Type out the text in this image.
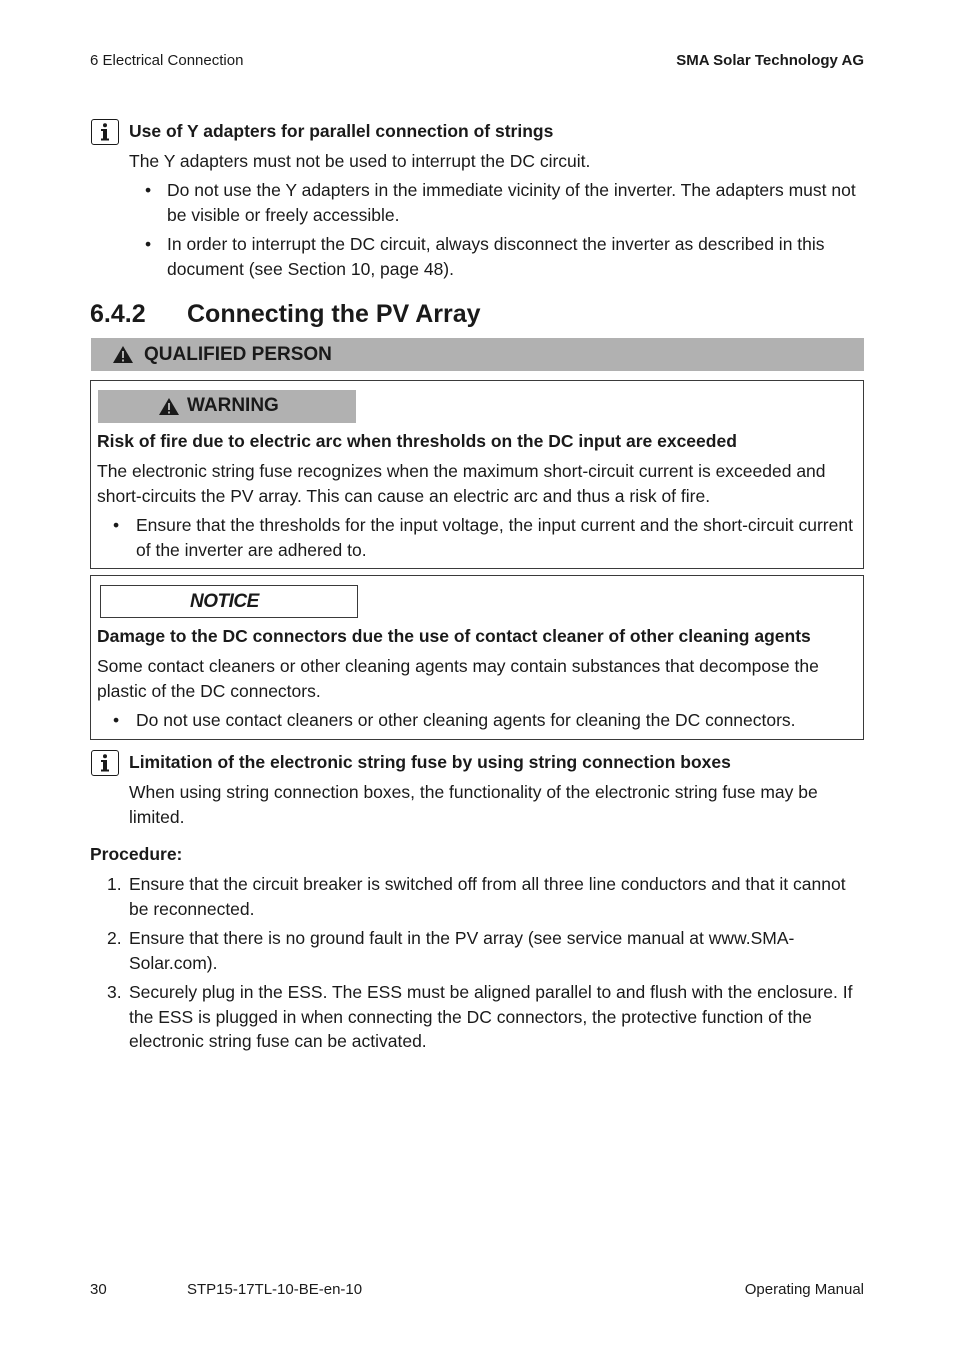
6 Electrical Connection	SMA Solar Technology AG
Use of Y adapters for parallel connection of strings
The Y adapters must not be used to interrupt the DC circuit.
• Do not use the Y adapters in the immediate vicinity of the inverter. The adapters must not
be visible or freely accessible.
• In order to interrupt the DC circuit, always disconnect the inverter as described in this
document (see Section 10, page 48).
6.4.2 Connecting the PV Array
QUALIFIED PERSON
WARNING
Risk of fire due to electric arc when thresholds on the DC input are exceeded
The electronic string fuse recognizes when the maximum short-circuit current is exceeded and
short-circuits the PV array. This can cause an electric arc and thus a risk of fire.
• Ensure that the thresholds for the input voltage, the input current and the short-circuit current
of the inverter are adhered to.
NOTICE
Damage to the DC connectors due the use of contact cleaner of other cleaning agents
Some contact cleaners or other cleaning agents may contain substances that decompose the
plastic of the DC connectors.
• Do not use contact cleaners or other cleaning agents for cleaning the DC connectors.
Limitation of the electronic string fuse by using string connection boxes
When using string connection boxes, the functionality of the electronic string fuse may be
limited.
Procedure:
1. Ensure that the circuit breaker is switched off from all three line conductors and that it cannot
be reconnected.
2. Ensure that there is no ground fault in the PV array (see service manual at www.SMA-
Solar.com).
3. Securely plug in the ESS. The ESS must be aligned parallel to and flush with the enclosure. If
the ESS is plugged in when connecting the DC connectors, the protective function of the
electronic string fuse can be activated.
30	STP15-17TL-10-BE-en-10	Operating Manual
